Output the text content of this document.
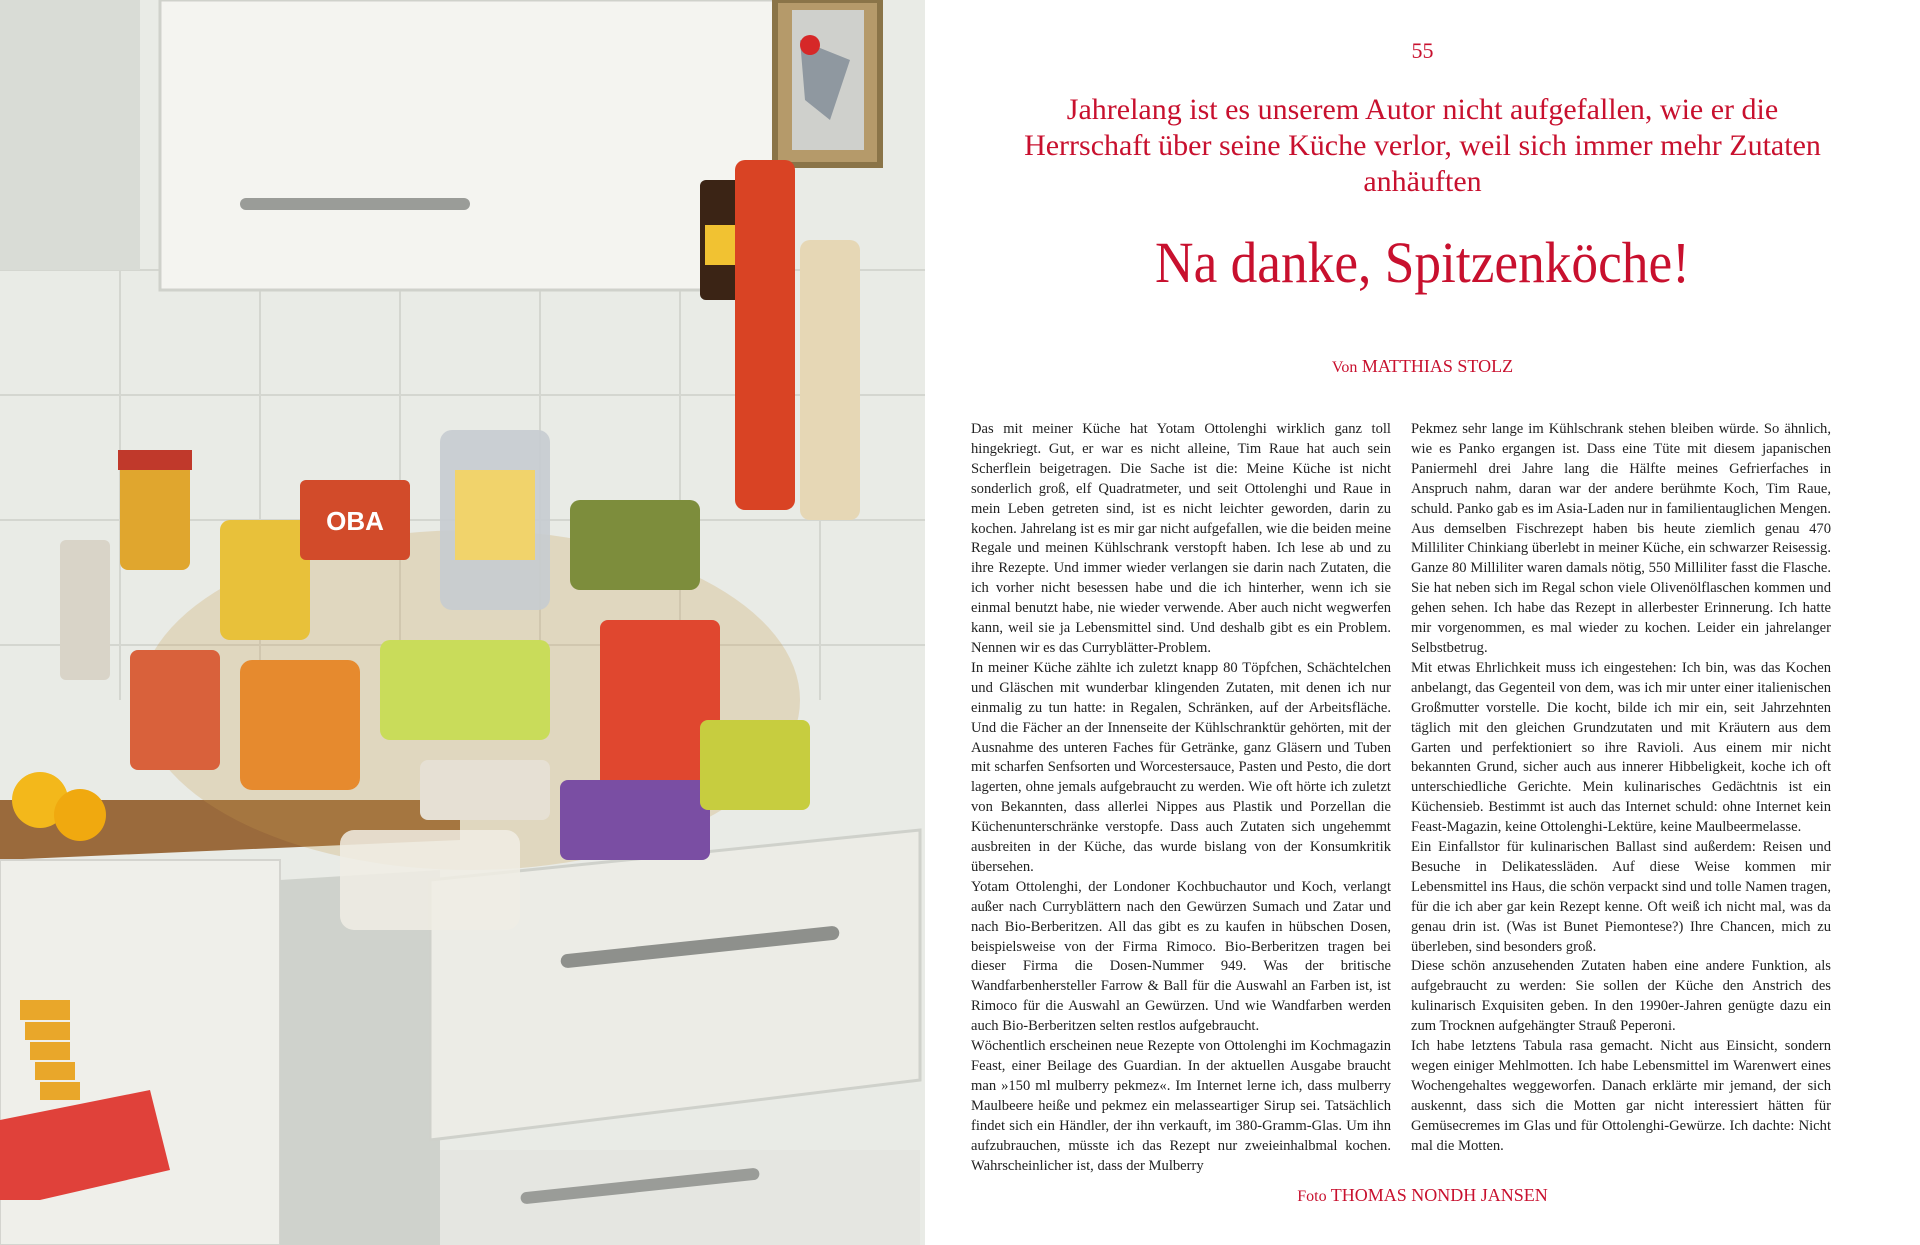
OBA
55
Jahrelang ist es unserem Autor nicht aufgefallen, wie er die Herrschaft über seine Küche verlor, weil sich immer mehr Zutaten anhäuften
Na danke, Spitzenköche!
Von MATTHIAS STOLZ

Das mit meiner Küche hat Yotam Ottolenghi wirklich ganz toll hingekriegt. Gut, er war es nicht alleine, Tim Raue hat auch sein Scherflein beigetragen. Die Sache ist die: Meine Küche ist nicht sonderlich groß, elf Quadratmeter, und seit Ottolenghi und Raue in mein Leben getreten sind, ist es nicht leichter geworden, darin zu kochen. Jahrelang ist es mir gar nicht aufgefallen, wie die beiden meine Regale und meinen Kühlschrank verstopft haben. Ich lese ab und zu ihre Rezepte. Und immer wieder verlangen sie darin nach Zutaten, die ich vorher nicht besessen habe und die ich hinterher, wenn ich sie einmal benutzt habe, nie wieder verwende. Aber auch nicht wegwerfen kann, weil sie ja Lebensmittel sind. Und deshalb gibt es ein Problem. Nennen wir es das Curryblätter-Problem.

In meiner Küche zählte ich zuletzt knapp 80 Töpfchen, Schächtelchen und Gläschen mit wunderbar klingenden Zutaten, mit denen ich nur einmalig zu tun hatte: in Regalen, Schränken, auf der Arbeitsfläche. Und die Fächer an der Innenseite der Kühlschranktür gehörten, mit der Ausnahme des unteren Faches für Getränke, ganz Gläsern und Tuben mit scharfen Senfsorten und Worcestersauce, Pasten und Pesto, die dort lagerten, ohne jemals aufgebraucht zu werden. Wie oft hörte ich zuletzt von Bekannten, dass allerlei Nippes aus Plastik und Porzellan die Küchenunterschränke verstopfe. Dass auch Zutaten sich ungehemmt ausbreiten in der Küche, das wurde bislang von der Konsumkritik übersehen.

Yotam Ottolenghi, der Londoner Kochbuchautor und Koch, verlangt außer nach Curryblättern nach den Gewürzen Sumach und Zatar und nach Bio-Berberitzen. All das gibt es zu kaufen in hübschen Dosen, beispielsweise von der Firma Rimoco. Bio-Berberitzen tragen bei dieser Firma die Dosen-Nummer 949. Was der britische Wandfarbenhersteller Farrow & Ball für die Auswahl an Farben ist, ist Rimoco für die Auswahl an Gewürzen. Und wie Wandfarben werden auch Bio-Berberitzen selten restlos aufgebraucht.

Wöchentlich erscheinen neue Rezepte von Ottolenghi im Kochmagazin Feast, einer Beilage des Guardian. In der aktuellen Ausgabe braucht man »150 ml mulberry pekmez«. Im Internet lerne ich, dass mulberry Maulbeere heiße und pekmez ein melasseartiger Sirup sei. Tatsächlich findet sich ein Händler, der ihn verkauft, im 380-Gramm-Glas. Um ihn aufzubrauchen, müsste ich das Rezept nur zweieinhalbmal kochen. Wahrscheinlicher ist, dass der Mulberry

Pekmez sehr lange im Kühlschrank stehen bleiben würde. So ähnlich, wie es Panko ergangen ist. Dass eine Tüte mit diesem japanischen Paniermehl drei Jahre lang die Hälfte meines Gefrierfaches in Anspruch nahm, daran war der andere berühmte Koch, Tim Raue, schuld. Panko gab es im Asia-Laden nur in familientauglichen Mengen. Aus demselben Fischrezept haben bis heute ziemlich genau 470 Milliliter Chinkiang überlebt in meiner Küche, ein schwarzer Reisessig. Ganze 80 Milliliter waren damals nötig, 550 Milliliter fasst die Flasche. Sie hat neben sich im Regal schon viele Olivenölflaschen kommen und gehen sehen. Ich habe das Rezept in allerbester Erinnerung. Ich hatte mir vorgenommen, es mal wieder zu kochen. Leider ein jahrelanger Selbstbetrug.

Mit etwas Ehrlichkeit muss ich eingestehen: Ich bin, was das Kochen anbelangt, das Gegenteil von dem, was ich mir unter einer italienischen Großmutter vorstelle. Die kocht, bilde ich mir ein, seit Jahrzehnten täglich mit den gleichen Grundzutaten und mit Kräutern aus dem Garten und perfektioniert so ihre Ravioli. Aus einem mir nicht bekannten Grund, sicher auch aus innerer Hibbeligkeit, koche ich oft unterschiedliche Gerichte. Mein kulinarisches Gedächtnis ist ein Küchensieb. Bestimmt ist auch das Internet schuld: ohne Internet kein Feast-Magazin, keine Ottolenghi-Lektüre, keine Maulbeermelasse.

Ein Einfallstor für kulinarischen Ballast sind außerdem: Reisen und Besuche in Delikatessläden. Auf diese Weise kommen mir Lebensmittel ins Haus, die schön verpackt sind und tolle Namen tragen, für die ich aber gar kein Rezept kenne. Oft weiß ich nicht mal, was da genau drin ist. (Was ist Bunet Piemontese?) Ihre Chancen, mich zu überleben, sind besonders groß.

Diese schön anzusehenden Zutaten haben eine andere Funktion, als aufgebraucht zu werden: Sie sollen der Küche den Anstrich des kulinarisch Exquisiten geben. In den 1990er-Jahren genügte dazu ein zum Trocknen aufgehängter Strauß Peperoni.

Ich habe letztens Tabula rasa gemacht. Nicht aus Einsicht, sondern wegen einiger Mehlmotten. Ich habe Lebensmittel im Warenwert eines Wochengehaltes weggeworfen. Danach erklärte mir jemand, der sich auskennt, dass sich die Motten gar nicht interessiert hätten für Gemüsecremes im Glas und für Ottolenghi-Gewürze. Ich dachte: Nicht mal die Motten.

Foto THOMAS NONDH JANSEN
